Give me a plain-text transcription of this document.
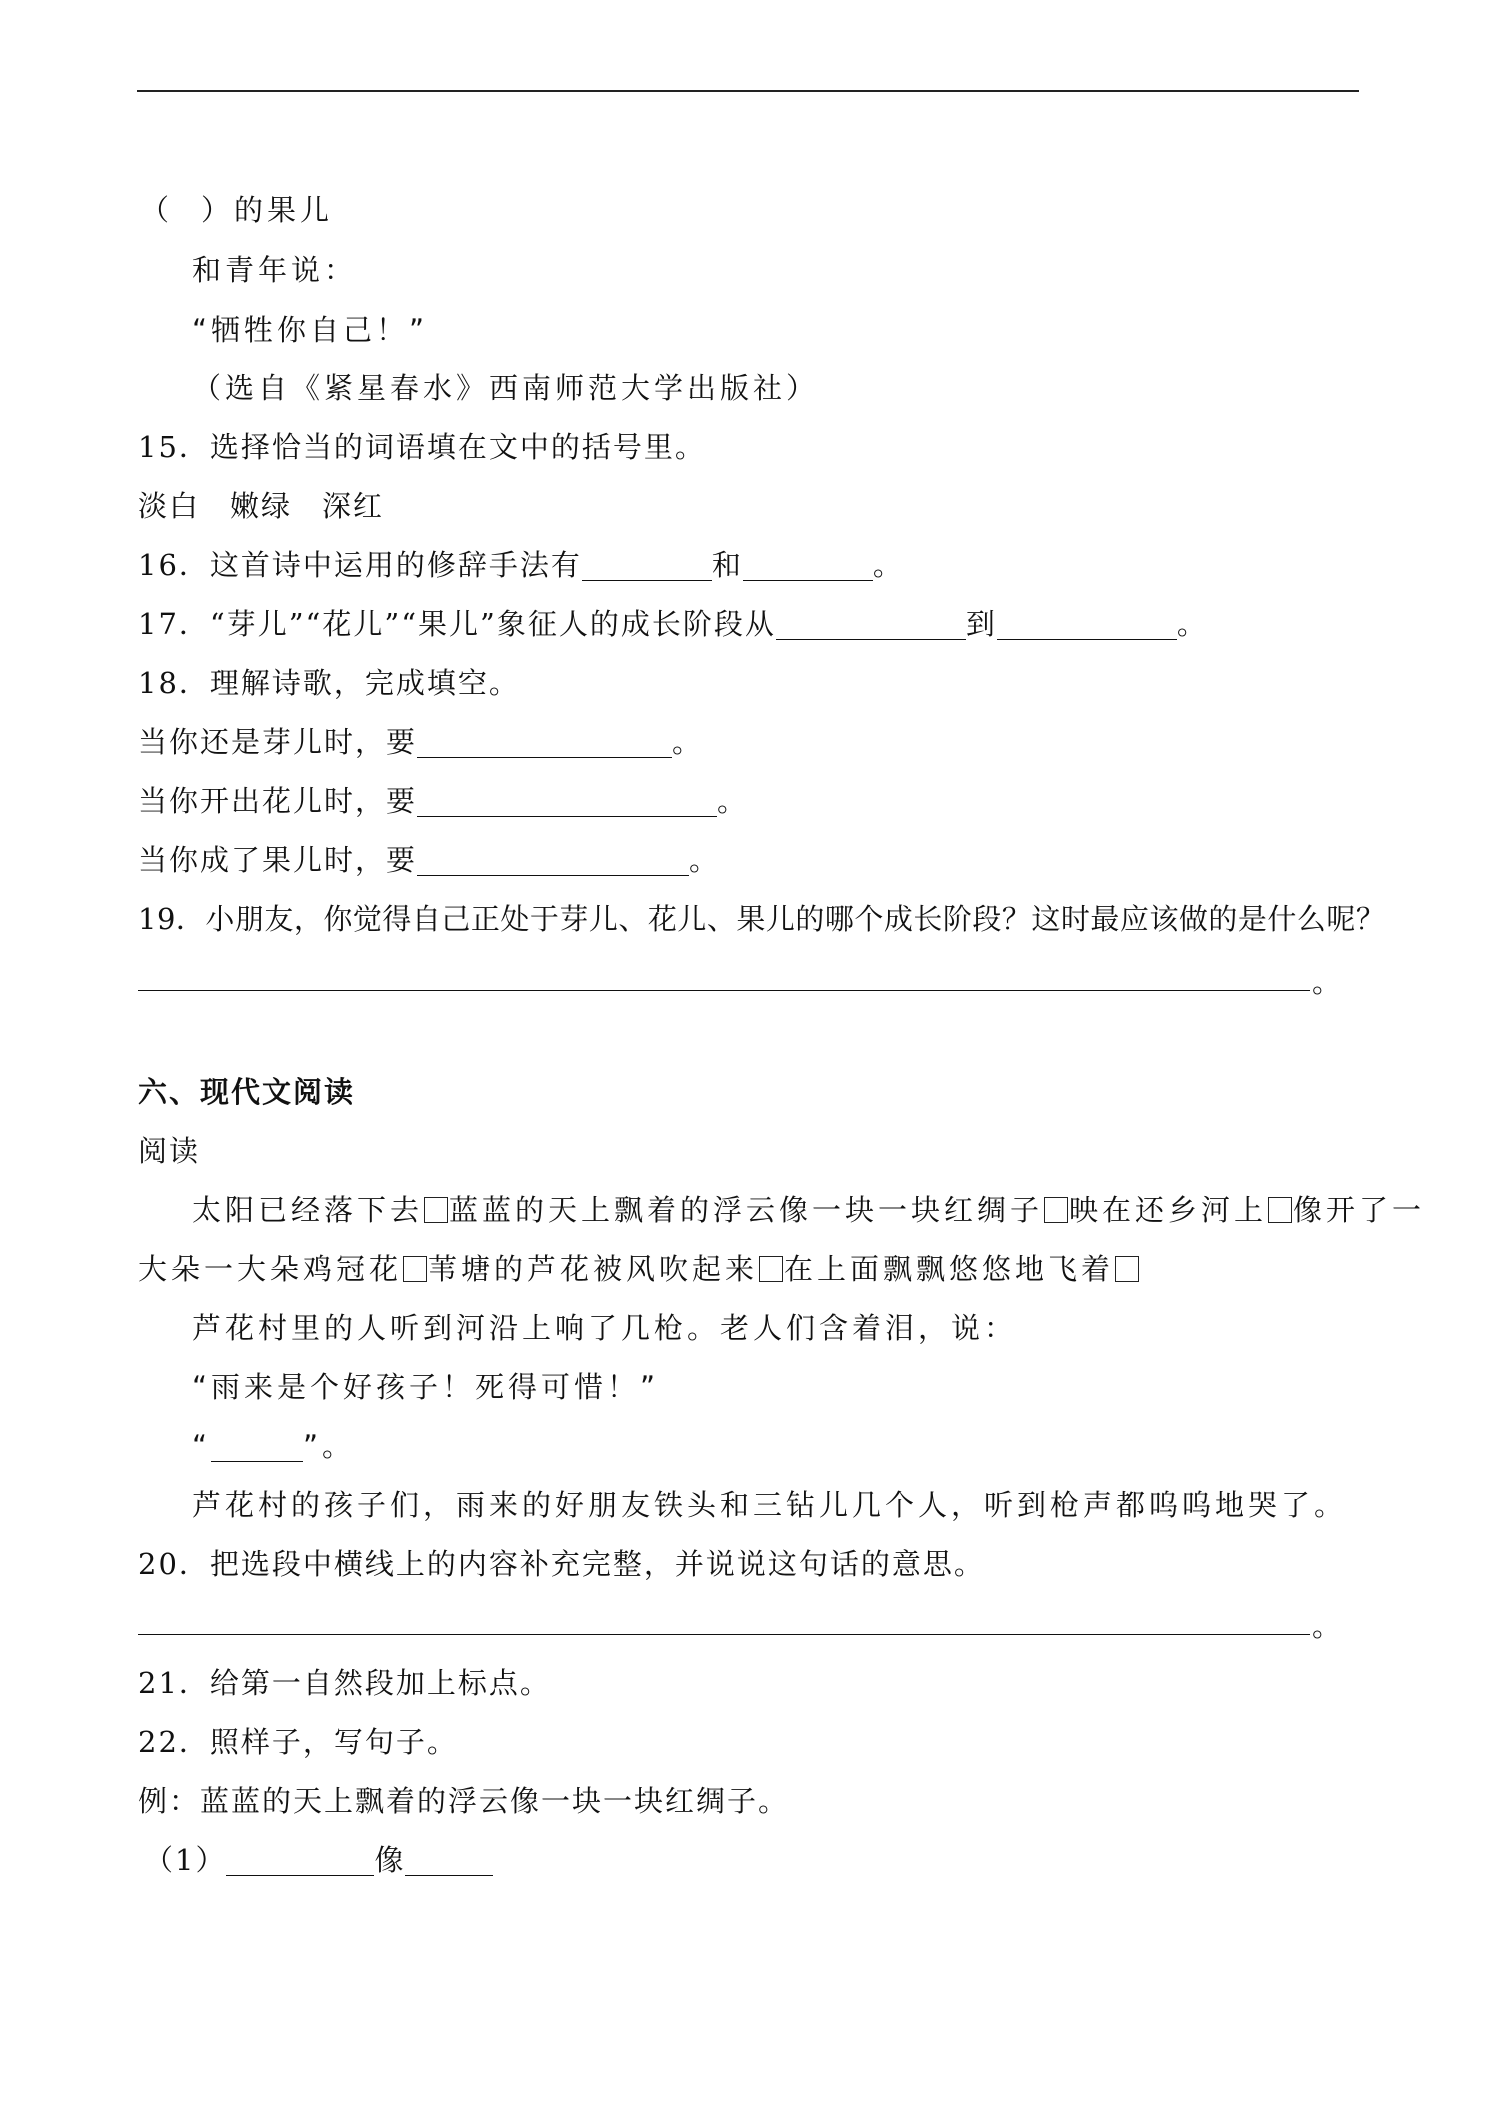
（ ）的果儿
和青年说：
“牺牲你自己！”
（选自《紧星春水》西南师范大学出版社）
15．选择恰当的词语填在文中的括号里。
淡白 嫩绿 深红
16．这首诗中运用的修辞手法有	和	。
17．“芽儿”“花儿”“果儿”象征人的成长阶段从	到	。
18．理解诗歌，完成填空。
当你还是芽儿时，要	。
当你开出花儿时，要	。
当你成了果儿时，要	。
19．小朋友，你觉得自己正处于芽儿、花儿、果儿的哪个成长阶段？这时最应该做的是什么呢？
。
六、现代文阅读
阅读
太阳已经落下去 蓝蓝的天上飘着的浮云像一块一块红绸子 映在还乡河上 像开了一
大朵一大朵鸡冠花 苇塘的芦花被风吹起来 在上面飘飘悠悠地飞着
芦花村里的人听到河沿上响了几枪。老人们含着泪，说：
“雨来是个好孩子！死得可惜！”
“	”。
芦花村的孩子们，雨来的好朋友铁头和三钻儿几个人，听到枪声都呜呜地哭了。
20．把选段中横线上的内容补充完整，并说说这句话的意思。
。
21．给第一自然段加上标点。
22．照样子，写句子。
例：蓝蓝的天上飘着的浮云像一块一块红绸子。
（1）	像
